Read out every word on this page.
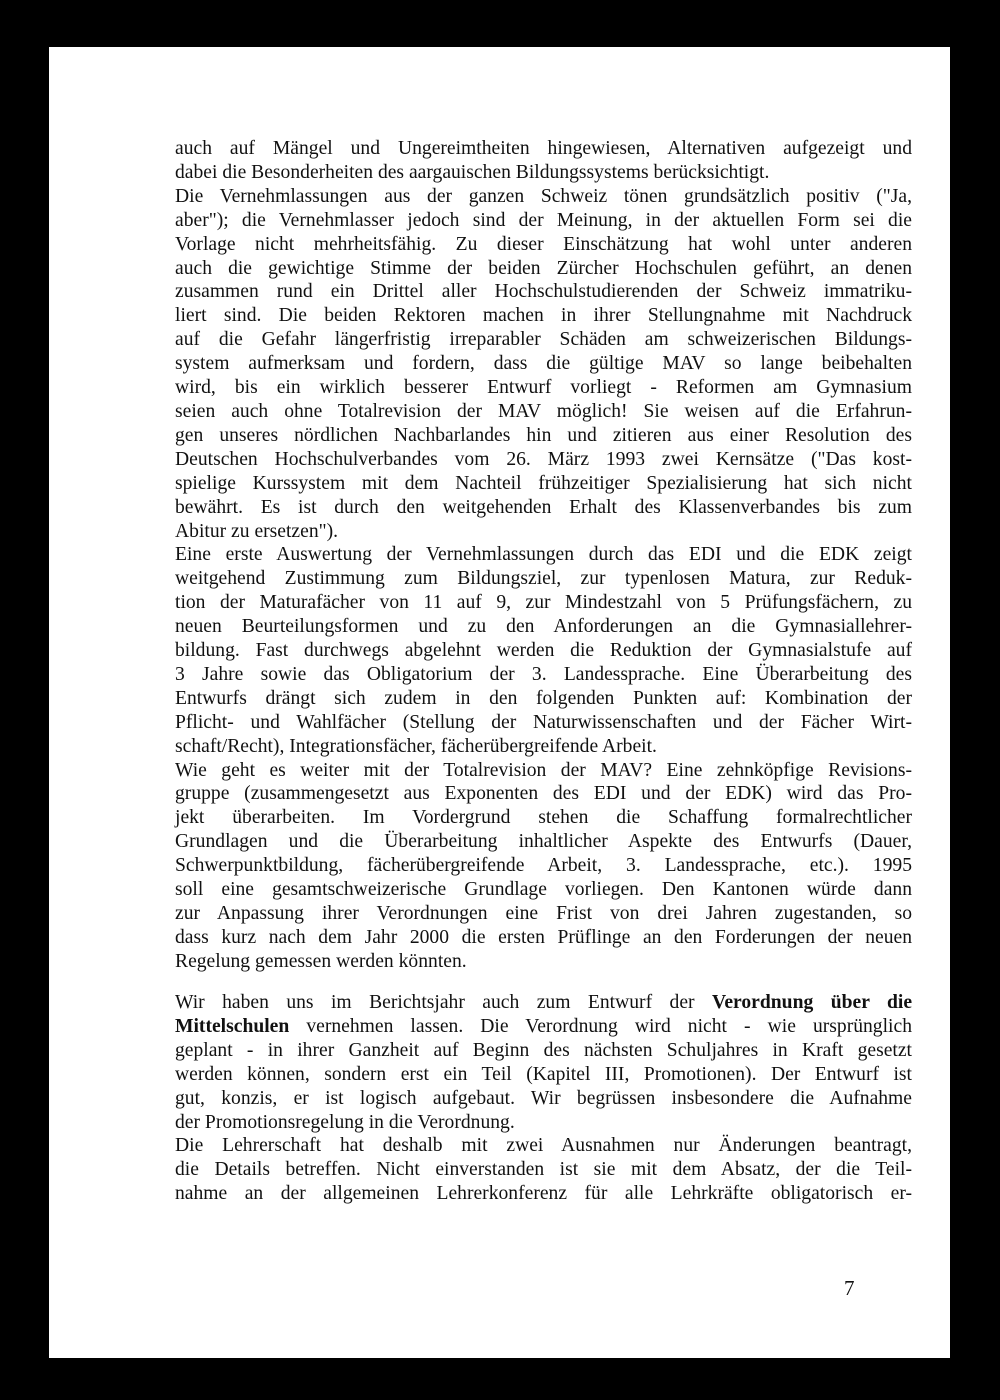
auch auf Mängel und Ungereimtheiten hingewiesen, Alternativen aufgezeigt und
dabei die Besonderheiten des aargauischen Bildungssystems berücksichtigt.

Die Vernehmlassungen aus der ganzen Schweiz tönen grundsätzlich positiv ("Ja,
aber"); die Vernehmlasser jedoch sind der Meinung, in der aktuellen Form sei die
Vorlage nicht mehrheitsfähig. Zu dieser Einschätzung hat wohl unter anderen
auch die gewichtige Stimme der beiden Zürcher Hochschulen geführt, an denen
zusammen rund ein Drittel aller Hochschulstudierenden der Schweiz immatriku-
liert sind. Die beiden Rektoren machen in ihrer Stellungnahme mit Nachdruck
auf die Gefahr längerfristig irreparabler Schäden am schweizerischen Bildungs-
system aufmerksam und fordern, dass die gültige MAV so lange beibehalten
wird, bis ein wirklich besserer Entwurf vorliegt - Reformen am Gymnasium
seien auch ohne Totalrevision der MAV möglich! Sie weisen auf die Erfahrun-
gen unseres nördlichen Nachbarlandes hin und zitieren aus einer Resolution des
Deutschen Hochschulverbandes vom 26. März 1993 zwei Kernsätze ("Das kost-
spielige Kurssystem mit dem Nachteil frühzeitiger Spezialisierung hat sich nicht
bewährt. Es ist durch den weitgehenden Erhalt des Klassenverbandes bis zum
Abitur zu ersetzen").

Eine erste Auswertung der Vernehmlassungen durch das EDI und die EDK zeigt
weitgehend Zustimmung zum Bildungsziel, zur typenlosen Matura, zur Reduk-
tion der Maturafächer von 11 auf 9, zur Mindestzahl von 5 Prüfungsfächern, zu
neuen Beurteilungsformen und zu den Anforderungen an die Gymnasiallehrer-
bildung. Fast durchwegs abgelehnt werden die Reduktion der Gymnasialstufe auf
3 Jahre sowie das Obligatorium der 3. Landessprache. Eine Überarbeitung des
Entwurfs drängt sich zudem in den folgenden Punkten auf: Kombination der
Pflicht- und Wahlfächer (Stellung der Naturwissenschaften und der Fächer Wirt-
schaft/Recht), Integrationsfächer, fächerübergreifende Arbeit.

Wie geht es weiter mit der Totalrevision der MAV? Eine zehnköpfige Revisions-
gruppe (zusammengesetzt aus Exponenten des EDI und der EDK) wird das Pro-
jekt überarbeiten. Im Vordergrund stehen die Schaffung formalrechtlicher
Grundlagen und die Überarbeitung inhaltlicher Aspekte des Entwurfs (Dauer,
Schwerpunktbildung, fächerübergreifende Arbeit, 3. Landessprache, etc.). 1995
soll eine gesamtschweizerische Grundlage vorliegen. Den Kantonen würde dann
zur Anpassung ihrer Verordnungen eine Frist von drei Jahren zugestanden, so
dass kurz nach dem Jahr 2000 die ersten Prüflinge an den Forderungen der neuen
Regelung gemessen werden könnten.

Wir haben uns im Berichtsjahr auch zum Entwurf der Verordnung über die
Mittelschulen vernehmen lassen. Die Verordnung wird nicht - wie ursprünglich
geplant - in ihrer Ganzheit auf Beginn des nächsten Schuljahres in Kraft gesetzt
werden können, sondern erst ein Teil (Kapitel III, Promotionen). Der Entwurf ist
gut, konzis, er ist logisch aufgebaut. Wir begrüssen insbesondere die Aufnahme
der Promotionsregelung in die Verordnung.

Die Lehrerschaft hat deshalb mit zwei Ausnahmen nur Änderungen beantragt,
die Details betreffen. Nicht einverstanden ist sie mit dem Absatz, der die Teil-
nahme an der allgemeinen Lehrerkonferenz für alle Lehrkräfte obligatorisch er-

7
